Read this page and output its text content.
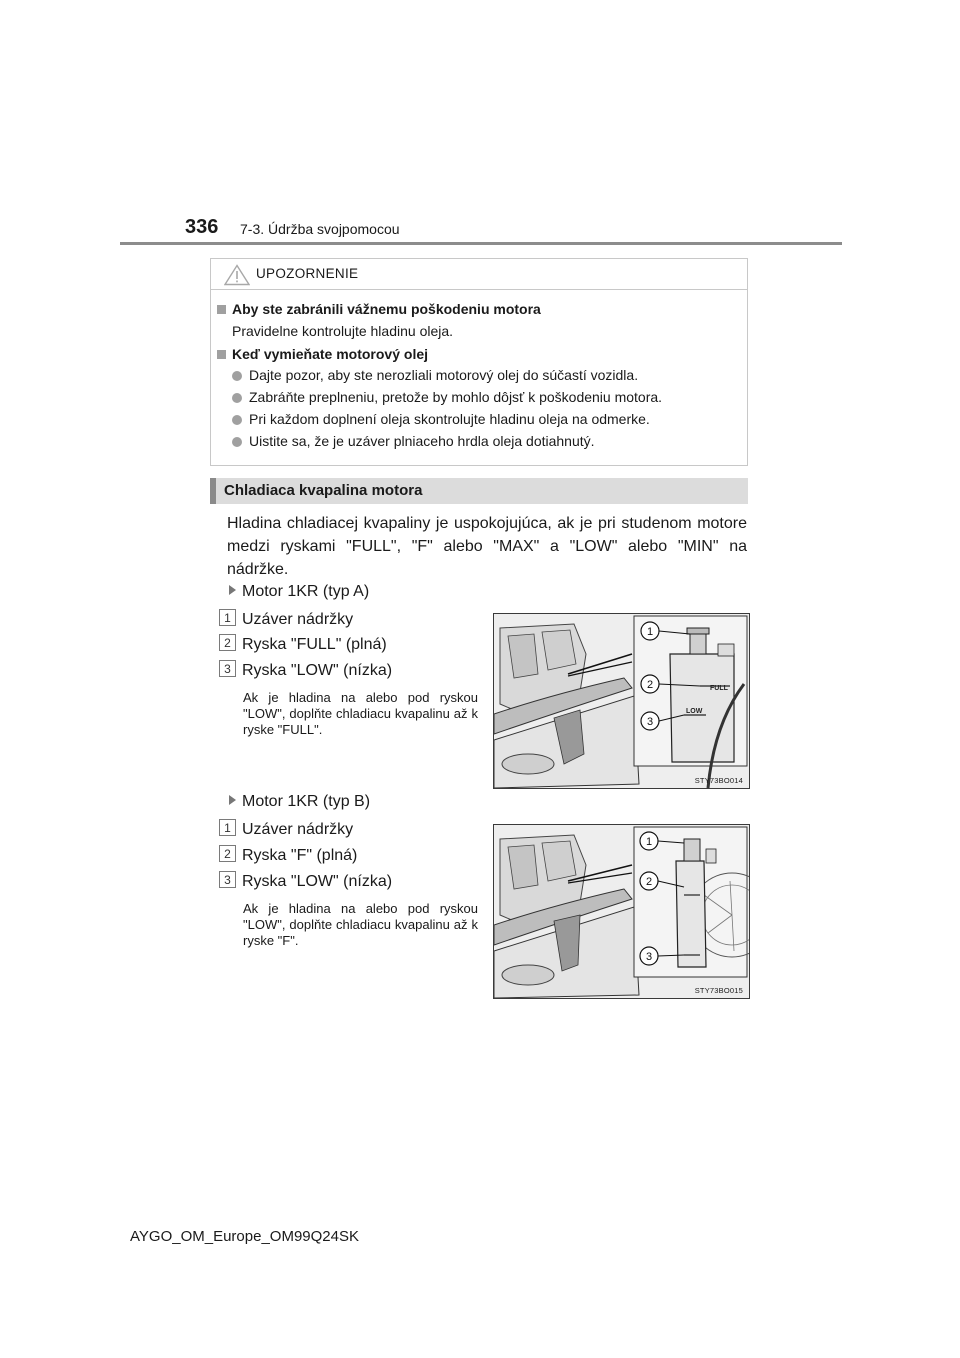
336 7-3. Údržba svojpomocou
UPOZORNENIE
Aby ste zabránili vážnemu poškodeniu motora
Pravidelne kontrolujte hladinu oleja.
Keď vymieňate motorový olej
Dajte pozor, aby ste nerozliali motorový olej do súčastí vozidla.
Zabráňte preplneniu, pretože by mohlo dôjsť k poškodeniu motora.
Pri každom doplnení oleja skontrolujte hladinu oleja na odmerke.
Uistite sa, že je uzáver plniaceho hrdla oleja dotiahnutý.
Chladiaca kvapalina motora
Hladina chladiacej kvapaliny je uspokojujúca, ak je pri studenom motore medzi ryskami "FULL", "F" alebo "MAX" a "LOW" alebo "MIN" na nádržke.
Motor 1KR (typ A)
1 Uzáver nádržky
2 Ryska "FULL" (plná)
3 Ryska "LOW" (nízka)
Ak je hladina na alebo pod ryskou "LOW", doplňte chladiacu kvapalinu až k ryske "FULL".
FULL
LOW
1
2
3
STY73BO014
Motor 1KR (typ B)
1 Uzáver nádržky
2 Ryska "F" (plná)
3 Ryska "LOW" (nízka)
Ak je hladina na alebo pod ryskou "LOW", doplňte chladiacu kvapalinu až k ryske "F".
1
2
3
STY73BO015
AYGO_OM_Europe_OM99Q24SK
